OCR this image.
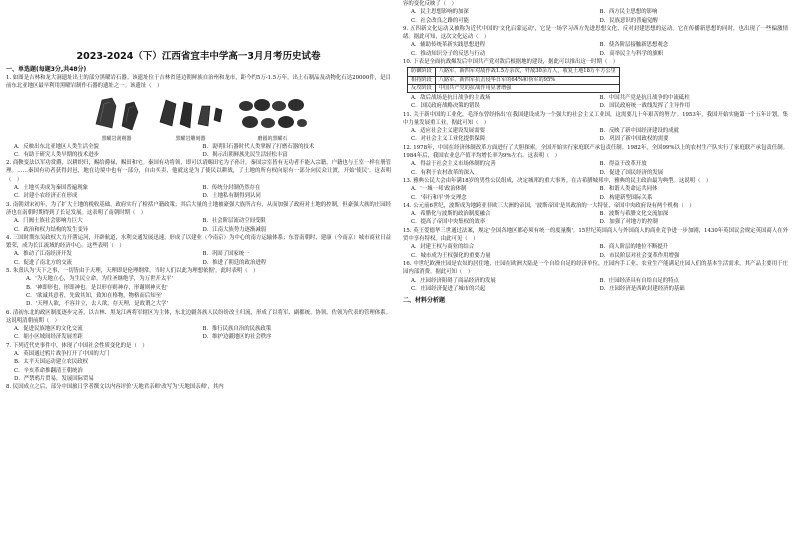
2023-2024（下）江西省宜丰中学高一3月月考历史试卷
一、单选题(每题3分,共48分)

1. 如图是吉林和龙大洞遗址出土的部分黑曜岩石器。该遗址位于吉林省延边朝鲜族自治州和龙市，距今约5万-1.5万年，出土石制品及动物化石达20000件，是目前东北亚地区最早利用黑曜岩制作石器的遗址之一。该遗址（　）

黑曜岩刮削器	黑曜岩雕刻器	磨圆的黑曜石
A．反映出东北亚地区人类生活全貌	B．说明旧石器时代人类掌握了打磨石器的技术
C．有助于研究人类早期的技术进步	D．揭示出朝鲜族先民生活轻松丰富

2. 商鞅变法以军功赏爵，以耕织归，赐给爵禄，赐田和宅。秦国有功将领，即可以请赐田宅为子孙计，秦国宗室皆有无功者不能入宗籍，户籍也与王室一样在册管理。……秦国有功者获得封邑，地在边境中也有一部分，自由买卖，他就这是为了使民以耕战，了土地的所有权向原有一部分向民众让渡，开始'使民'。这表明（　）

A．土地买卖成为秦国普遍现象	B．传统分封制仍然存在
C．封建小农经济正在形成	D．土地私有制得到认同

3. 南朝刘宋初年，为了扩大土地的税收基础，政府实行了检括户籍政策；其后大量的土地被豪强大族所占有，从而加强了政府对土地的控制，但豪强大族的庄园经济也在南朝时期得到了长足发展。这表明了南朝时期（　）

A．门阀士族社会影响力巨大	B．社会阶层流动空间受限
C．政治和权力结构的发生变异	D．江南大族势力逐渐减弱

4. 三国时期东吴政权大力开凿运河，开辟航道，水利交通发展迅速，形成了以建业（今南京）为中心的南方运输体系；东晋南朝时，建康（今南京）城市商业日益繁荣，成为长江流域的经济中心。这些表明（　）

A．推动了江南经济开发	B．巩固了国家统一
C．促进了南北方的交流	D．推进了朝廷的政治进程

5. 朱熹认为'天下之事，一切皆由于天理，天理即是伦理纲常，当时人们以此为理想依据'。此时表明（　）

A．'为天地立心，为生民立命，为往圣继绝学，为万世开太平'
B．'神即形也，形即神也。是以形存则神存，形谢则神灭也'
C．'欲诚其意者，先致其知，致知在格物，物格而后知至'
D．'天理人欲，不容并立，去人欲，存天理，是故谓之大学'

6. 清初东北的政区制度逐步完善，以吉林、黑龙江两将军辖区为主体，东北边疆各族人民纷纷改土归流，形成了以将军、副都统、协领、佐领为代表的管理体系。这说明清朝前期（　）

A．促进民族地区的文化交流	B．推行民族自治的民族政策
C．缩小区域间经济发展差距	D．维护边疆地区的社会秩序

7. 下列近代史事件中，体现了中国社会性质变化的是（　）

A．英国通过鸦片战争打开了中国的大门
B．太平天国运动建立农民政权
C．辛亥革命推翻清王朝统治
D．严禁鸦片贸易，发展国际贸易

8. 民国成立之后，部分中国旅日学者撰文以内容评价'天地君亲师'改写为'天地国亲师'，其内

容的变化反映了（　）

A．民主思想影响的加深	B．西方民主思想的影响
C．社会改良之路的可能	D．民族意识的普遍觉醒

9. 五四新文化运动又被称为近代中国的'文化启蒙运动'，它是一场学习西方先进思想文化、反对封建思想的运动。它在传播新思想的同时，也出现了一些偏激情绪。据此可知，这次文化运动（　）

A．辅助传统革新实践思想进程	B．使各阶层接触新思想观念
C．推动知识分子的反思与行动	D．高举民主与科学的旗帜

10. 下表是全面抗战爆发后中国共产党对敌后根据地的建设，据此可以推出这一时期（　）

防御阶段	八路军、新四军对敌作战1.5万余次，歼敌30余万人，收复土地18万平方公里
相持阶段	八路军、新四军抗击侵华日军的64%和伪军的95%
反攻阶段	中国共产党的抗战作用显著增强
A．敌后战场是抗日战争的主战场	B．中国共产党是抗日战争的中流砥柱
C．国民政府战略决策的错误	D．国民政府统一战线发挥了主导作用

11. 关于新中国的工业化，毛泽东曾经指出'在我国建设成为一个强大的社会主义工业国，这需要几十年艰苦的努力'。1953年，我国开始实施第一个五年计划，集中力量发展重工业。据此可知（　）

A．适应社会主义建设发展需要	B．反映了新中国经济建设的成就
C．对社会主义工业化提供保障	D．巩固了新中国政权的需要

12. 1978年，中国在经济体制改革方面进行了大胆探索，全国开始实行家庭联产承包责任制。1982年，全国99%以上的农村生产队实行了家庭联产承包责任制。1984年后，我国农业总产值平均增长率为9%左右。这表明（　）

A．得益于社会主义市场体制的完善	B．得益于改革开放
C．有利于农村改革的深入	D．促进了国民经济的发展

13. 雅典公民大会由年满18岁的男性公民组成，决定城邦的重大事务。在古希腊城邦中，雅典的民主政治最为典型。这说明（　）

A．'一城一邦'政治体制	B．和谐人类命运共同体
C．'奉行和平'外交理念	D．构建新型国际关系

14. 公元前6世纪，波斯成为地跨亚非欧三大洲的帝国，'波斯帝国'是其政治的一大特征，帝国中央政府设有两个机构（　）

A．希腊化与波斯的政治制度融合	B．波斯与希腊文化交流加深
C．提高了帝国中央集权的效率	D．加强了对地方的控制

15. 英王爱德华三世通过法案，规定'全国各地区都必须有统一的度量衡'。15世纪英国商人与外国商人的商业竞争进一步加剧，1430年英国议会规定英国商人在外贸中享有特权。由此可见（　）

A．封建王权与商业的结合	B．商人阶层的地位不断提升
C．城市成为王权强化的重要力量	D．市民阶层对社会变革作用增强

16. 中世纪欧洲庄园是农奴的居住地，庄园在欧洲大陆是一个自给自足的经济单位，庄园内手工业、农业生产能满足庄园人们的基本生活需求，其产品主要用于庄园内部消费。据此可知（　）

A．庄园经济阻碍了商品经济的发展	B．庄园经济具有自给自足的特点
C．庄园经济促进了城市的兴起	D．庄园经济是西欧封建经济的基础
二、材料分析题
